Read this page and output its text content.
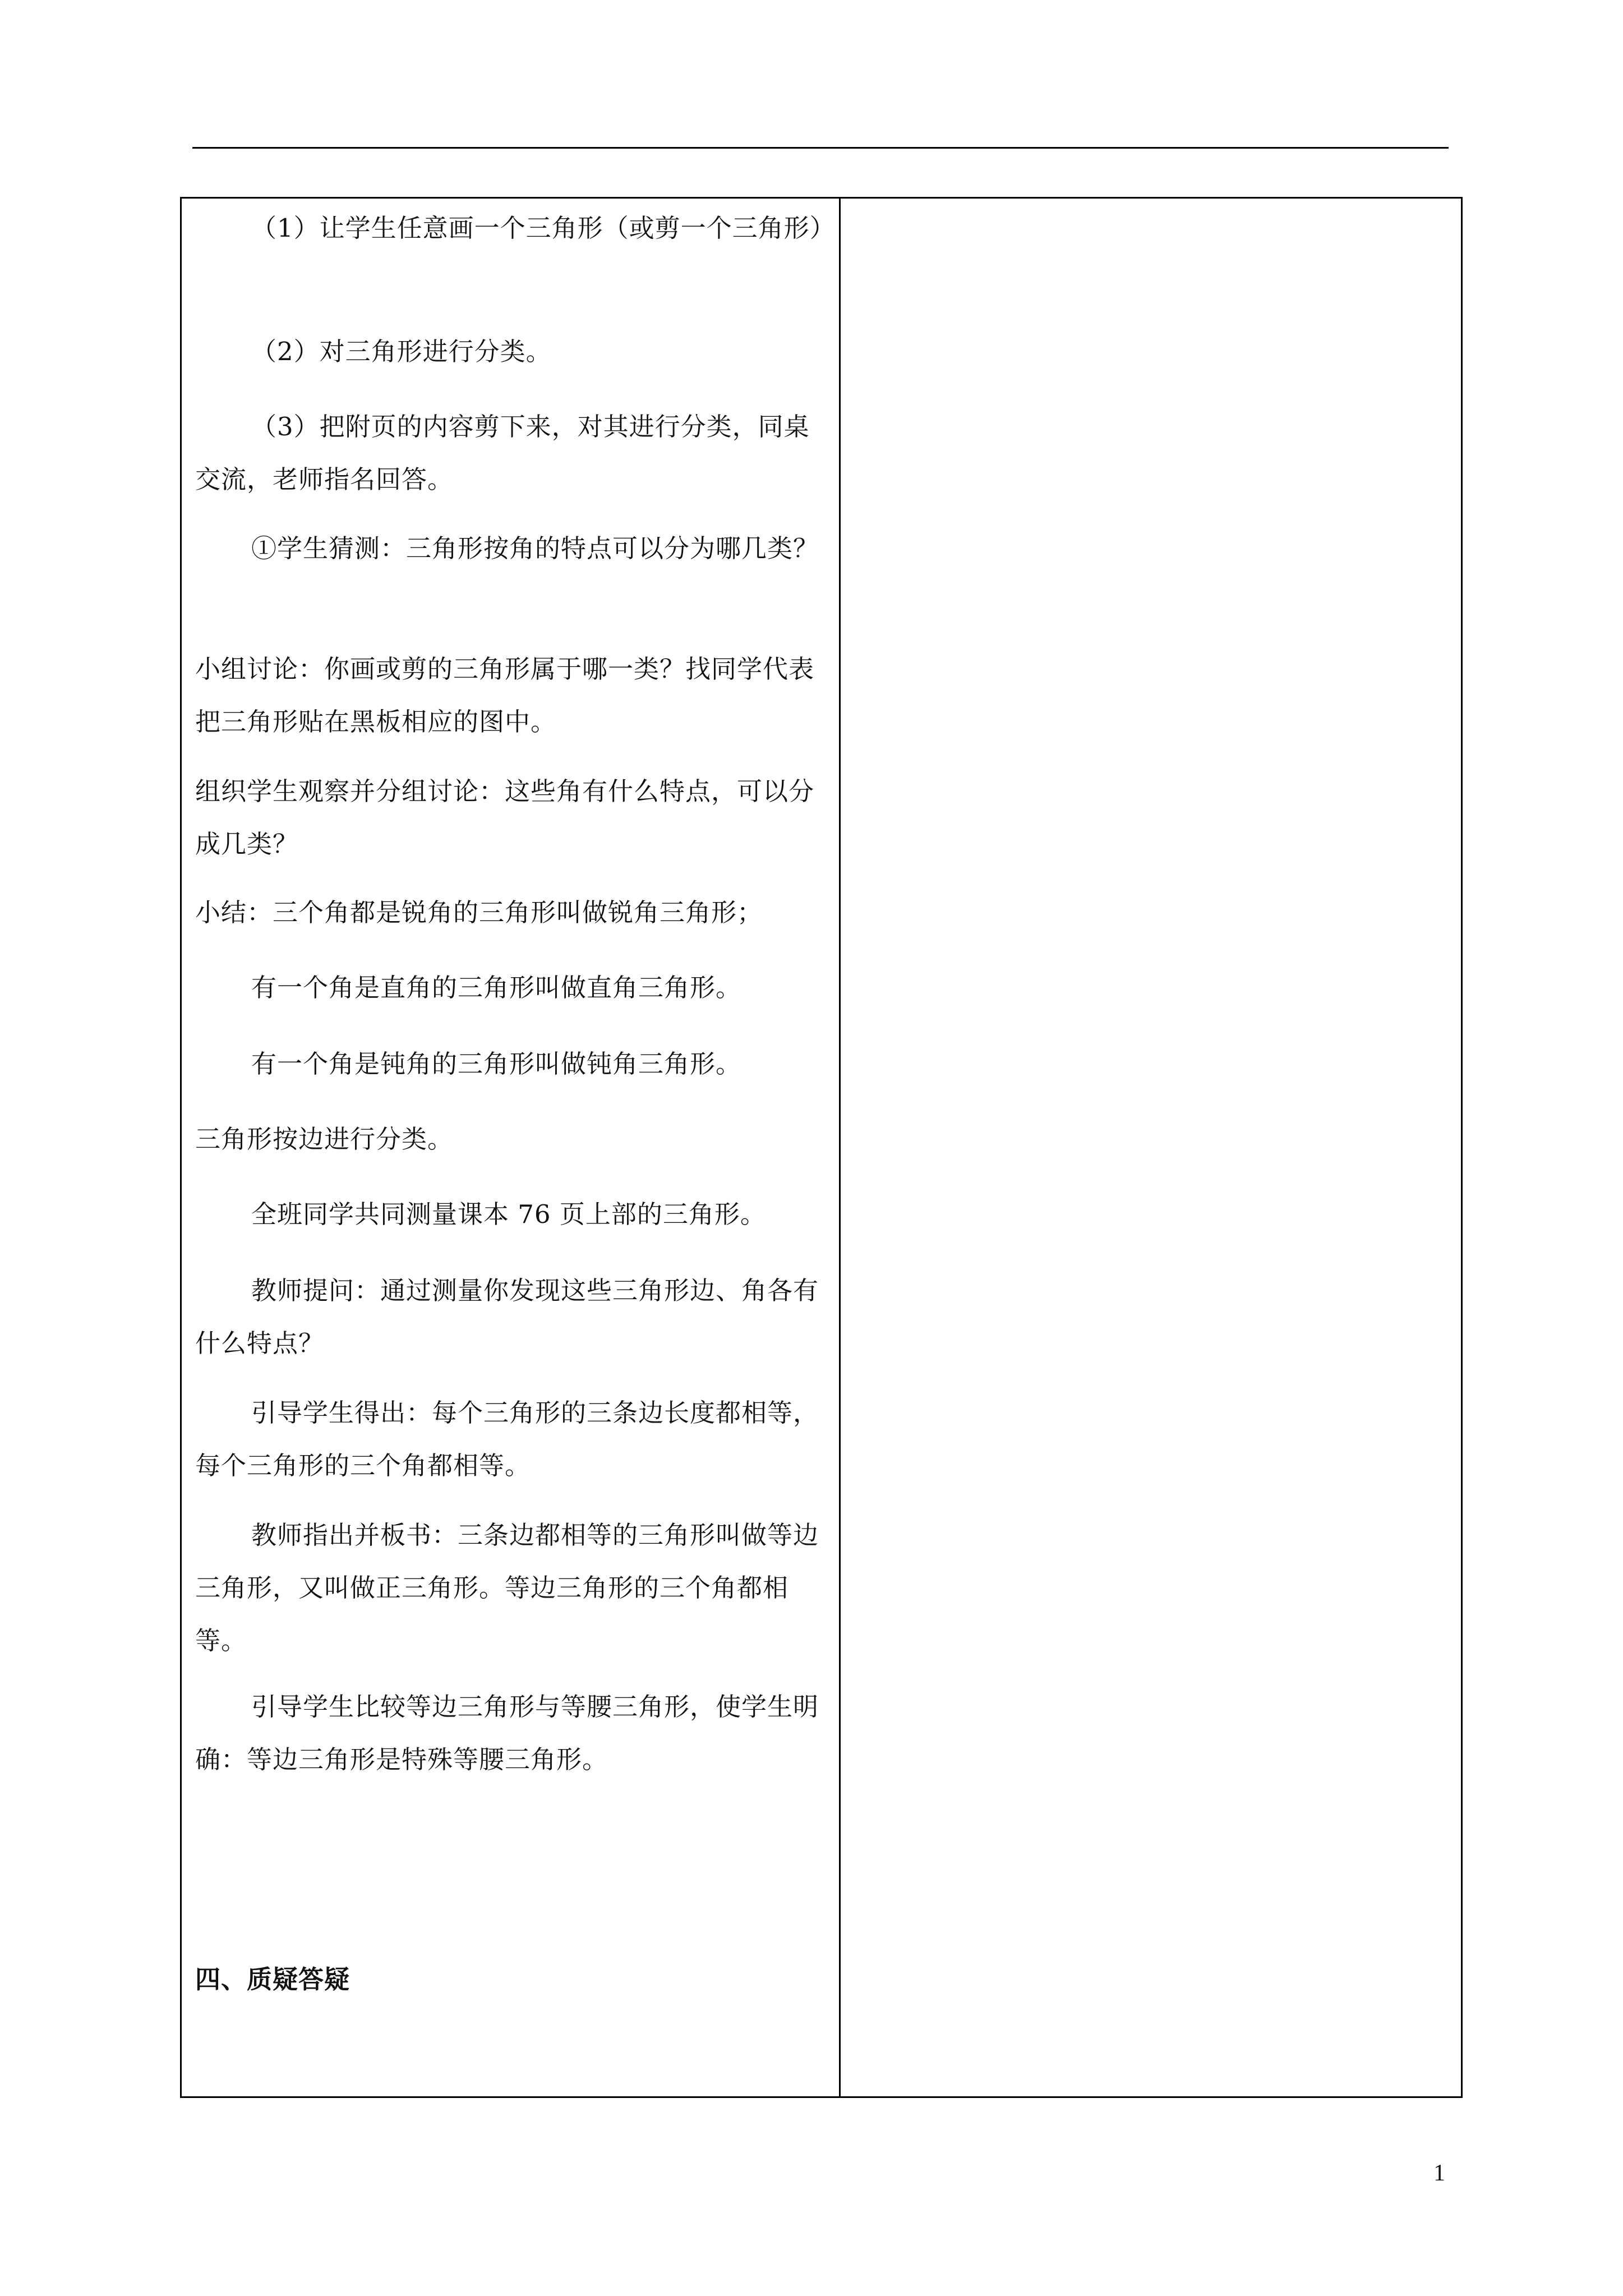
（1）让学生任意画一个三角形（或剪一个三角形）

（2）对三角形进行分类。

（3）把附页的内容剪下来，对其进行分类，同桌交流，老师指名回答。

①学生猜测：三角形按角的特点可以分为哪几类？

小组讨论：你画或剪的三角形属于哪一类？找同学代表把三角形贴在黑板相应的图中。

组织学生观察并分组讨论：这些角有什么特点，可以分成几类？

小结：三个角都是锐角的三角形叫做锐角三角形；

有一个角是直角的三角形叫做直角三角形。

有一个角是钝角的三角形叫做钝角三角形。

三角形按边进行分类。

全班同学共同测量课本 76 页上部的三角形。

教师提问：通过测量你发现这些三角形边、角各有什么特点？

引导学生得出：每个三角形的三条边长度都相等，每个三角形的三个角都相等。

教师指出并板书：三条边都相等的三角形叫做等边三角形，又叫做正三角形。等边三角形的三个角都相等。

引导学生比较等边三角形与等腰三角形，使学生明确：等边三角形是特殊等腰三角形。

四、质疑答疑

1
